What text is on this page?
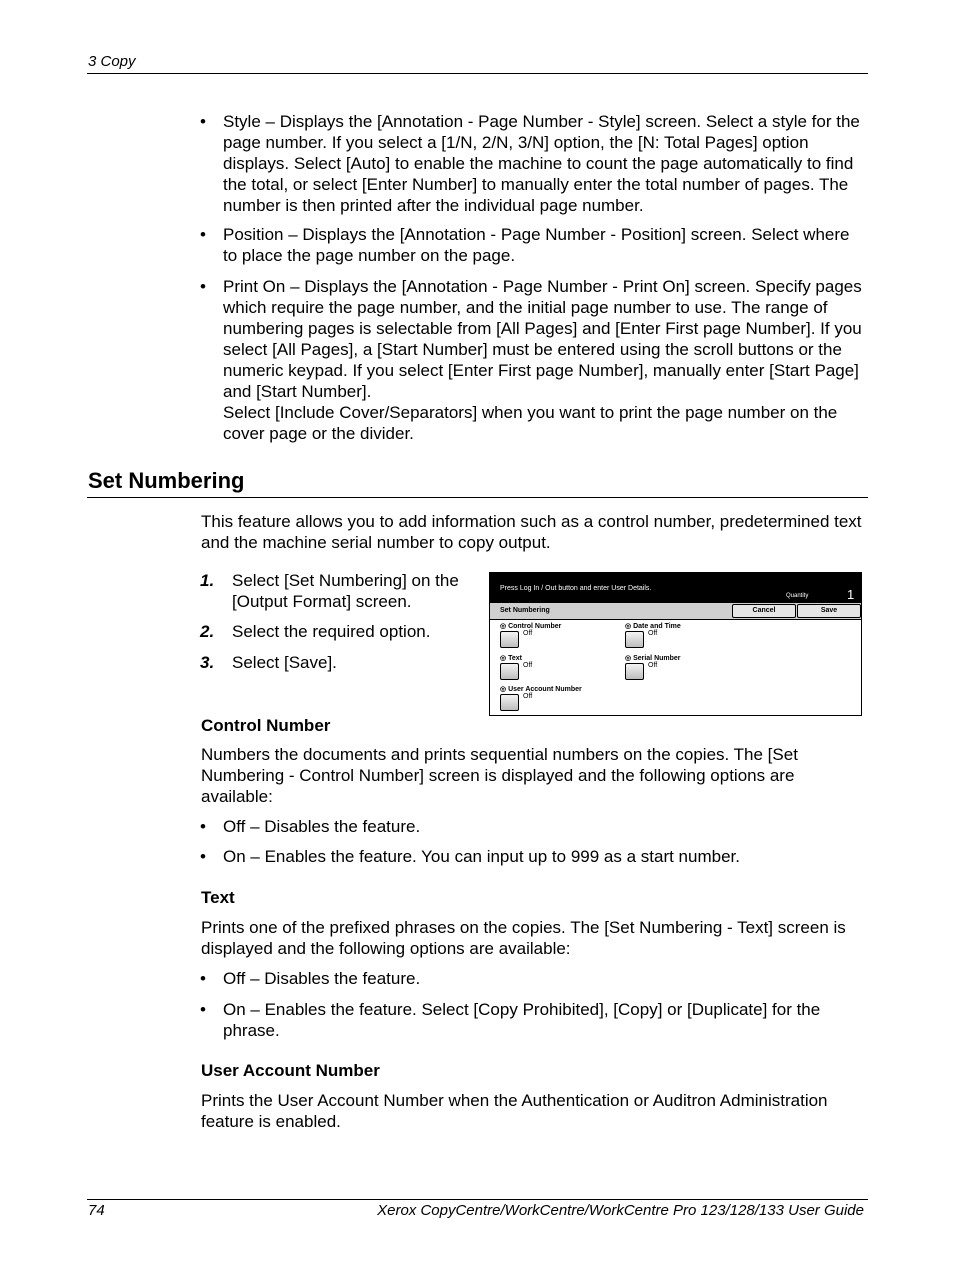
3 Copy
•	Style – Displays the [Annotation - Page Number - Style] screen. Select a style for the page number. If you select a [1/N, 2/N, 3/N] option, the [N: Total Pages] option displays. Select [Auto] to enable the machine to count the page automatically to find the total, or select [Enter Number] to manually enter the total number of pages. The number is then printed after the individual page number.
•	Position – Displays the [Annotation - Page Number - Position] screen. Select where to place the page number on the page.
•	Print On – Displays the [Annotation - Page Number - Print On] screen. Specify pages which require the page number, and the initial page number to use. The range of numbering pages is selectable from [All Pages] and [Enter First page Number]. If you select [All Pages], a [Start Number] must be entered using the scroll buttons or the numeric keypad. If you select [Enter First page Number], manually enter [Start Page] and [Start Number].
Select [Include Cover/Separators] when you want to print the page number on the cover page or the divider.
Set Numbering
This feature allows you to add information such as a control number, predetermined text and the machine serial number to copy output.
1. Select [Set Numbering] on the [Output Format] screen.
2. Select the required option.
3. Select [Save].
Press Log In / Out button and enter User Details.
Quantity	1
Set Numbering	Cancel	Save
◎ Control Number
Off
◎ Date and Time
Off
◎ Text
Off
◎ Serial Number
Off
◎ User Account Number
Off
Control Number
Numbers the documents and prints sequential numbers on the copies. The [Set Numbering - Control Number] screen is displayed and the following options are available:
•	Off – Disables the feature.
•	On – Enables the feature. You can input up to 999 as a start number.
Text
Prints one of the prefixed phrases on the copies. The [Set Numbering - Text] screen is displayed and the following options are available:
•	Off – Disables the feature.
•	On – Enables the feature. Select [Copy Prohibited], [Copy] or [Duplicate] for the phrase.
User Account Number
Prints the User Account Number when the Authentication or Auditron Administration feature is enabled.
74	Xerox CopyCentre/WorkCentre/WorkCentre Pro 123/128/133 User Guide
